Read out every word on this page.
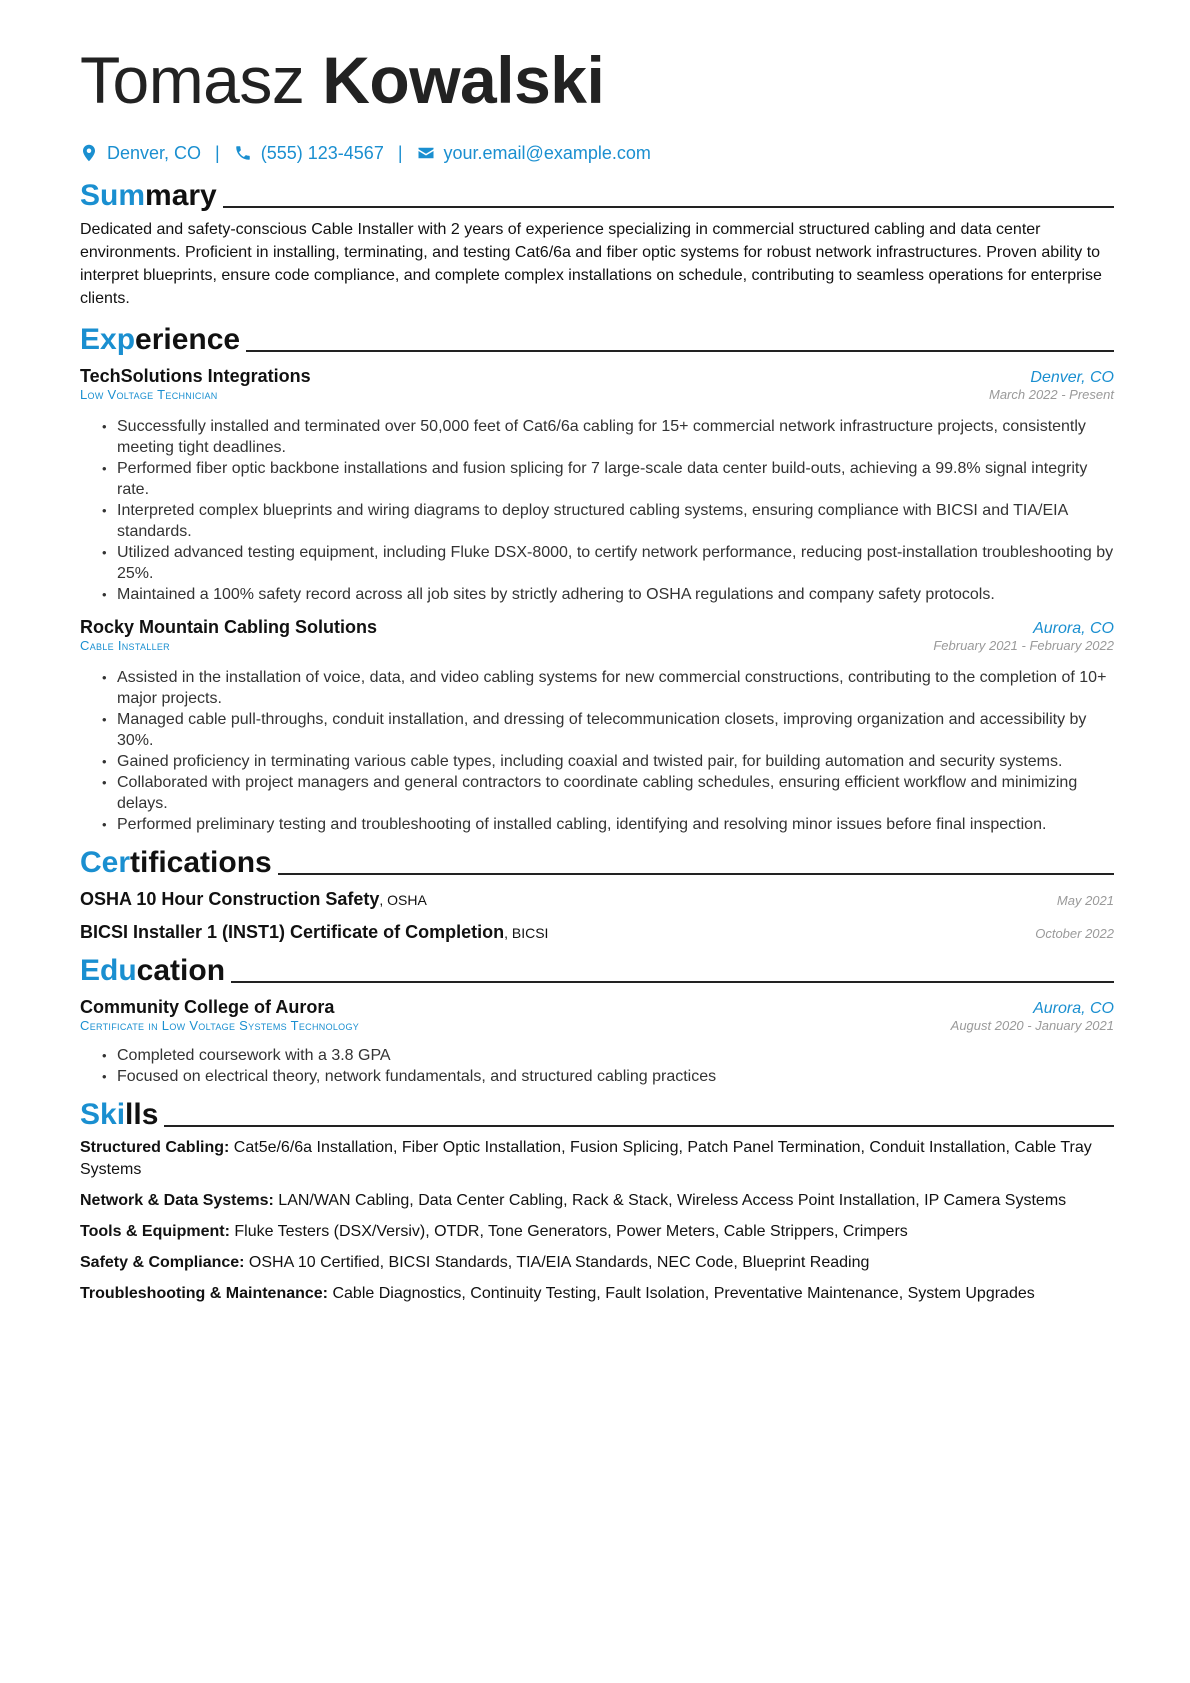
Tomasz Kowalski
Denver, CO | (555) 123-4567 | your.email@example.com
Summary

Dedicated and safety-conscious Cable Installer with 2 years of experience specializing in commercial structured cabling and data center environments. Proficient in installing, terminating, and testing Cat6/6a and fiber optic systems for robust network infrastructures. Proven ability to interpret blueprints, ensure code compliance, and complete complex installations on schedule, contributing to seamless operations for enterprise clients.

Experience
TechSolutions Integrations	Denver, CO
Low Voltage Technician	March 2022 - Present
• Successfully installed and terminated over 50,000 feet of Cat6/6a cabling for 15+ commercial network infrastructure projects, consistently meeting tight deadlines.
• Performed fiber optic backbone installations and fusion splicing for 7 large-scale data center build-outs, achieving a 99.8% signal integrity rate.
• Interpreted complex blueprints and wiring diagrams to deploy structured cabling systems, ensuring compliance with BICSI and TIA/EIA standards.
• Utilized advanced testing equipment, including Fluke DSX-8000, to certify network performance, reducing post-installation troubleshooting by 25%.
• Maintained a 100% safety record across all job sites by strictly adhering to OSHA regulations and company safety protocols.
Rocky Mountain Cabling Solutions	Aurora, CO
Cable Installer	February 2021 - February 2022
• Assisted in the installation of voice, data, and video cabling systems for new commercial constructions, contributing to the completion of 10+ major projects.
• Managed cable pull-throughs, conduit installation, and dressing of telecommunication closets, improving organization and accessibility by 30%.
• Gained proficiency in terminating various cable types, including coaxial and twisted pair, for building automation and security systems.
• Collaborated with project managers and general contractors to coordinate cabling schedules, ensuring efficient workflow and minimizing delays.
• Performed preliminary testing and troubleshooting of installed cabling, identifying and resolving minor issues before final inspection.
Certifications
OSHA 10 Hour Construction Safety, OSHA	May 2021
BICSI Installer 1 (INST1) Certificate of Completion, BICSI	October 2022
Education
Community College of Aurora	Aurora, CO
Certificate in Low Voltage Systems Technology	August 2020 - January 2021
• Completed coursework with a 3.8 GPA
• Focused on electrical theory, network fundamentals, and structured cabling practices
Skills

Structured Cabling: Cat5e/6/6a Installation, Fiber Optic Installation, Fusion Splicing, Patch Panel Termination, Conduit Installation, Cable Tray Systems

Network & Data Systems: LAN/WAN Cabling, Data Center Cabling, Rack & Stack, Wireless Access Point Installation, IP Camera Systems

Tools & Equipment: Fluke Testers (DSX/Versiv), OTDR, Tone Generators, Power Meters, Cable Strippers, Crimpers

Safety & Compliance: OSHA 10 Certified, BICSI Standards, TIA/EIA Standards, NEC Code, Blueprint Reading

Troubleshooting & Maintenance: Cable Diagnostics, Continuity Testing, Fault Isolation, Preventative Maintenance, System Upgrades
